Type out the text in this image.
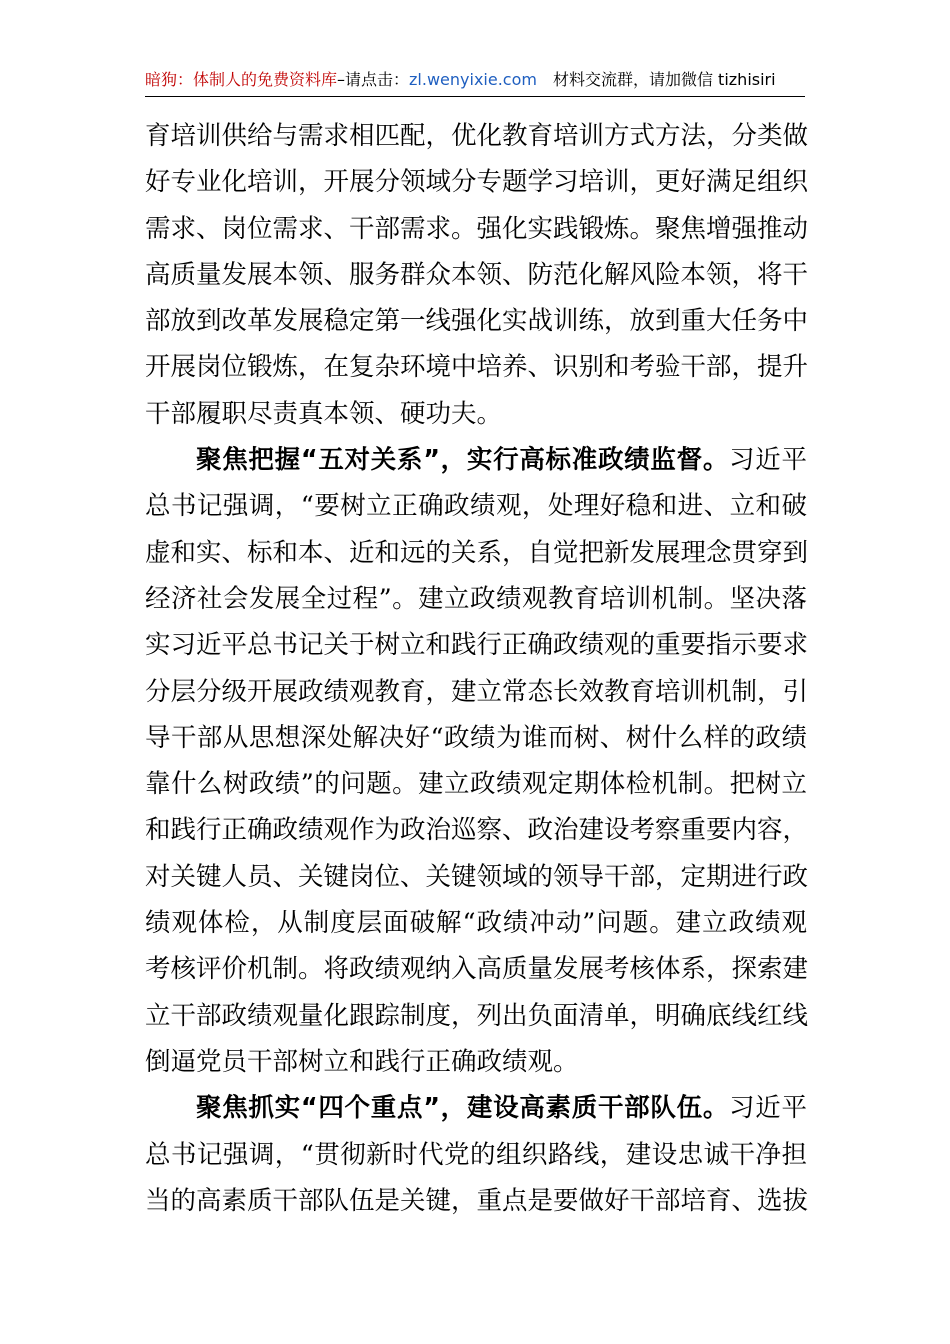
暗狗：体制人的免费资料库–请点击：zl.wenyixie.com 材料交流群，请加微信 tizhisiri

育培训供给与需求相匹配，优化教育培训方式方法，分类做
好专业化培训，开展分领域分专题学习培训，更好满足组织
需求、岗位需求、干部需求。强化实践锻炼。聚焦增强推动
高质量发展本领、服务群众本领、防范化解风险本领，将干
部放到改革发展稳定第一线强化实战训练，放到重大任务中
开展岗位锻炼，在复杂环境中培养、识别和考验干部，提升
干部履职尽责真本领、硬功夫。

聚焦把握“五对关系”，实行高标准政绩监督。习近平
总书记强调，“要树立正确政绩观，处理好稳和进、立和破
虚和实、标和本、近和远的关系，自觉把新发展理念贯穿到
经济社会发展全过程”。建立政绩观教育培训机制。坚决落
实习近平总书记关于树立和践行正确政绩观的重要指示要求
分层分级开展政绩观教育，建立常态长效教育培训机制，引
导干部从思想深处解决好“政绩为谁而树、树什么样的政绩
靠什么树政绩”的问题。建立政绩观定期体检机制。把树立
和践行正确政绩观作为政治巡察、政治建设考察重要内容，
对关键人员、关键岗位、关键领域的领导干部，定期进行政
绩观体检，从制度层面破解“政绩冲动”问题。建立政绩观
考核评价机制。将政绩观纳入高质量发展考核体系，探索建
立干部政绩观量化跟踪制度，列出负面清单，明确底线红线
倒逼党员干部树立和践行正确政绩观。

聚焦抓实“四个重点”，建设高素质干部队伍。习近平
总书记强调，“贯彻新时代党的组织路线，建设忠诚干净担
当的高素质干部队伍是关键，重点是要做好干部培育、选拔
